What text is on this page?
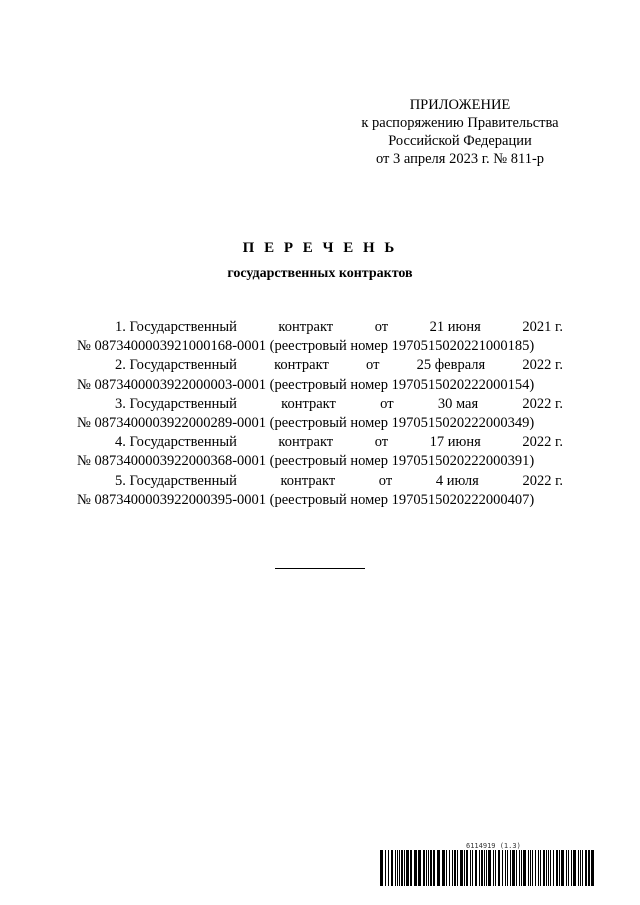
ПРИЛОЖЕНИЕ
к распоряжению Правительства
Российской Федерации
от 3 апреля 2023 г. № 811-р
П Е Р Е Ч Е Н Ь
государственных контрактов
1. Государственный	контракт	от	21 июня	2021 г.
№ 0873400003921000168-0001 (реестровый номер 1970515020221000185)
2. Государственный	контракт	от	25 февраля	2022 г.
№ 0873400003922000003-0001 (реестровый номер 1970515020222000154)
3. Государственный	контракт	от	30 мая	2022 г.
№ 0873400003922000289-0001 (реестровый номер 1970515020222000349)
4. Государственный	контракт	от	17 июня	2022 г.
№ 0873400003922000368-0001 (реестровый номер 1970515020222000391)
5. Государственный	контракт	от	4 июля	2022 г.
№ 0873400003922000395-0001 (реестровый номер 1970515020222000407)
6114919 (1.3)
